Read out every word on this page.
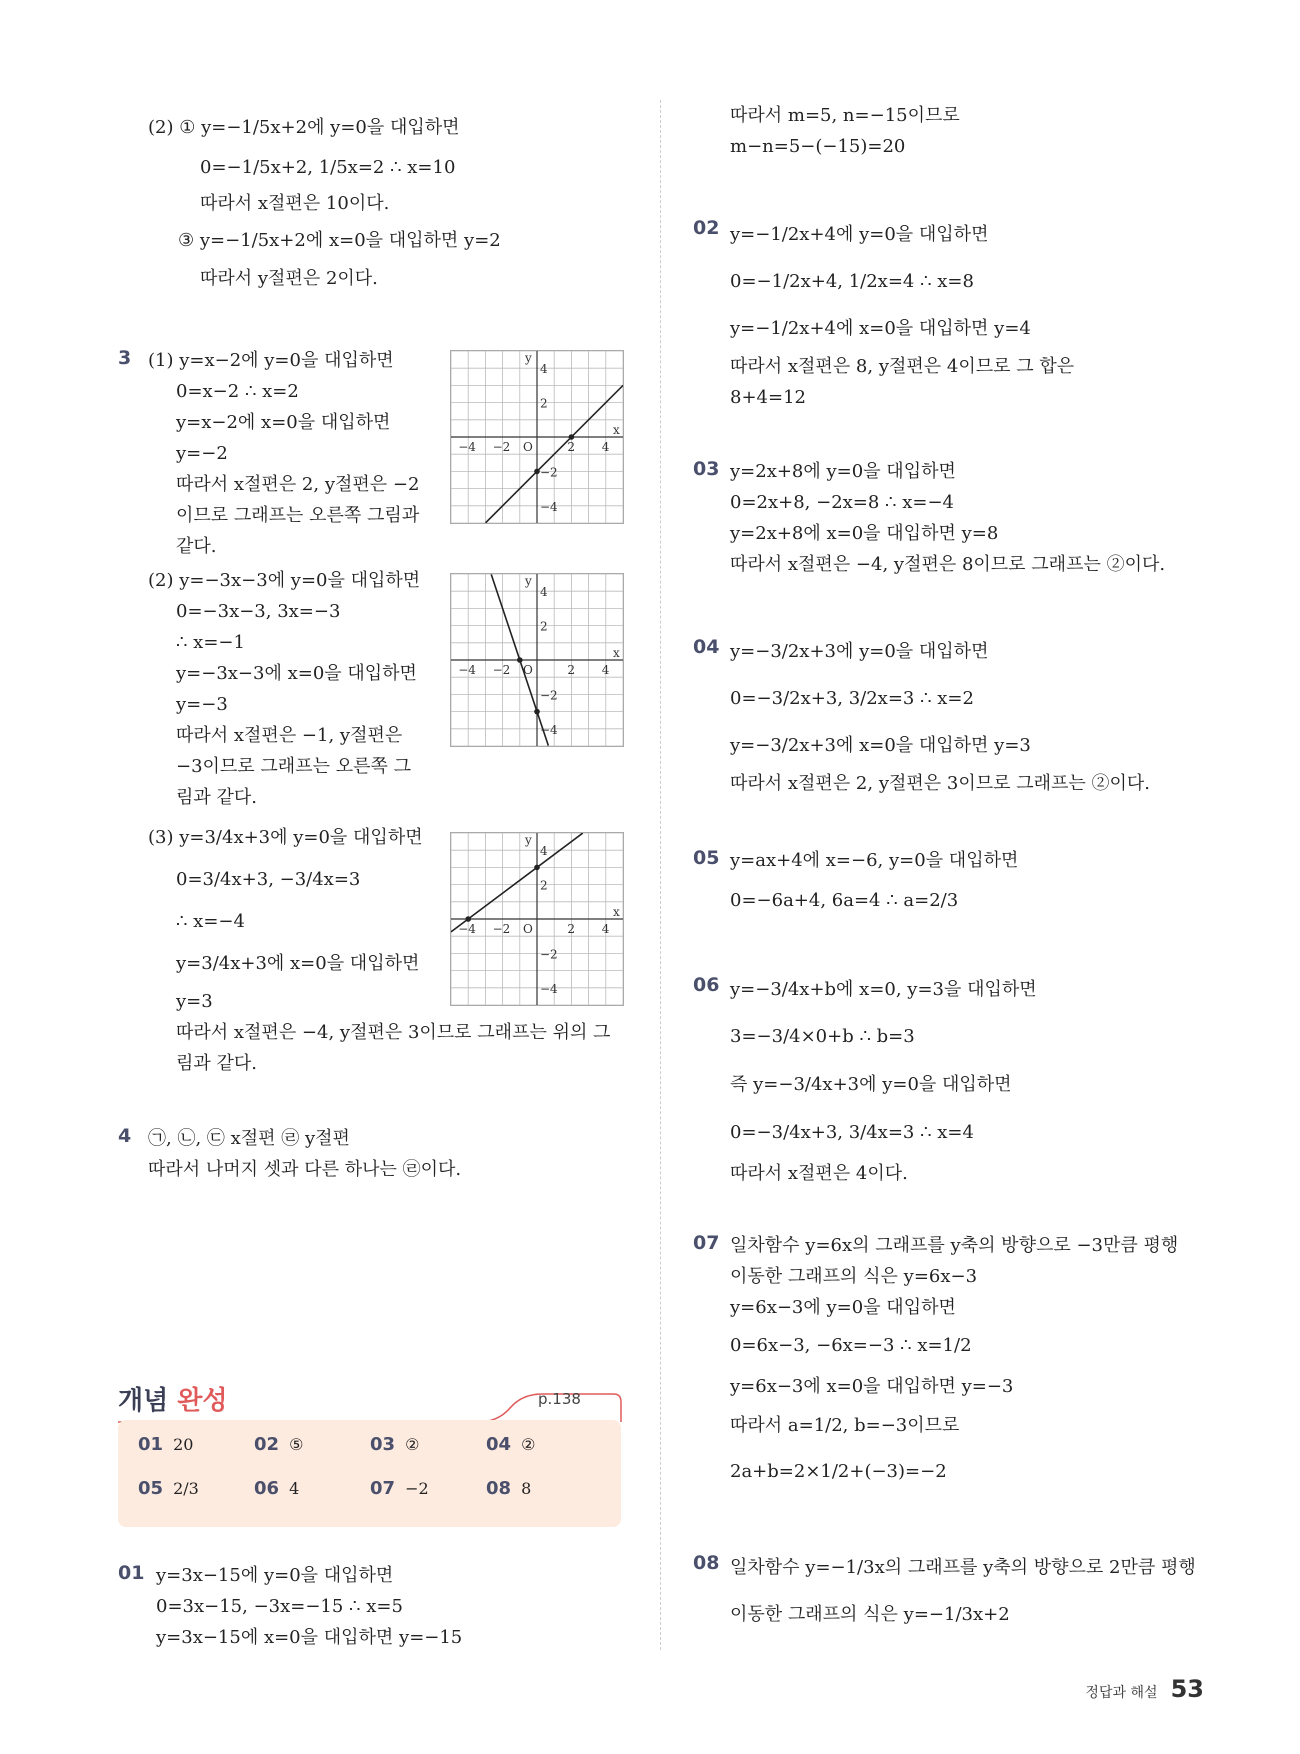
(2) ① y=−1/5x+2에 y=0을 대입하면
0=−1/5x+2, 1/5x=2 ∴ x=10
따라서 x절편은 10이다.
③ y=−1/5x+2에 x=0을 대입하면 y=2
따라서 y절편은 2이다.
3 (1) y=x−2에 y=0을 대입하면
0=x−2 ∴ x=2
y=x−2에 x=0을 대입하면
y=−2
따라서 x절편은 2, y절편은 −2
이므로 그래프는 오른쪽 그림과
같다.
(2) y=−3x−3에 y=0을 대입하면
0=−3x−3, 3x=−3
∴ x=−1
y=−3x−3에 x=0을 대입하면
y=−3
따라서 x절편은 −1, y절편은
−3이므로 그래프는 오른쪽 그
림과 같다.
(3) y=3/4x+3에 y=0을 대입하면
0=3/4x+3, −3/4x=3
∴ x=−4
y=3/4x+3에 x=0을 대입하면
y=3
따라서 x절편은 −4, y절편은 3이므로 그래프는 위의 그
림과 같다.
x
y
O
−4 −2	2 4
4
2
−2
−4
x
y
O
−4 −2	2 4
4
2
−2
−4
x
y
O
−4 −2	2 4
4
2
−2
−4
4 ㉠, ㉡, ㉢ x절편 ㉣ y절편
따라서 나머지 셋과 다른 하나는 ㉣이다.
개념 완성	p.138
01 20	02 ⑤	03 ②	04 ②
05 2/3	06 4	07 −2	08 8
01 y=3x−15에 y=0을 대입하면
0=3x−15, −3x=−15 ∴ x=5
y=3x−15에 x=0을 대입하면 y=−15
따라서 m=5, n=−15이므로
m−n=5−(−15)=20
02 y=−1/2x+4에 y=0을 대입하면
0=−1/2x+4, 1/2x=4 ∴ x=8
y=−1/2x+4에 x=0을 대입하면 y=4
따라서 x절편은 8, y절편은 4이므로 그 합은
8+4=12
03 y=2x+8에 y=0을 대입하면
0=2x+8, −2x=8 ∴ x=−4
y=2x+8에 x=0을 대입하면 y=8
따라서 x절편은 −4, y절편은 8이므로 그래프는 ②이다.
04 y=−3/2x+3에 y=0을 대입하면
0=−3/2x+3, 3/2x=3 ∴ x=2
y=−3/2x+3에 x=0을 대입하면 y=3
따라서 x절편은 2, y절편은 3이므로 그래프는 ②이다.
05 y=ax+4에 x=−6, y=0을 대입하면
0=−6a+4, 6a=4 ∴ a=2/3
06 y=−3/4x+b에 x=0, y=3을 대입하면
3=−3/4×0+b ∴ b=3
즉 y=−3/4x+3에 y=0을 대입하면
0=−3/4x+3, 3/4x=3 ∴ x=4
따라서 x절편은 4이다.
07 일차함수 y=6x의 그래프를 y축의 방향으로 −3만큼 평행
이동한 그래프의 식은 y=6x−3
y=6x−3에 y=0을 대입하면
0=6x−3, −6x=−3 ∴ x=1/2
y=6x−3에 x=0을 대입하면 y=−3
따라서 a=1/2, b=−3이므로
2a+b=2×1/2+(−3)=−2
08 일차함수 y=−1/3x의 그래프를 y축의 방향으로 2만큼 평행
이동한 그래프의 식은 y=−1/3x+2
정답과 해설 53
